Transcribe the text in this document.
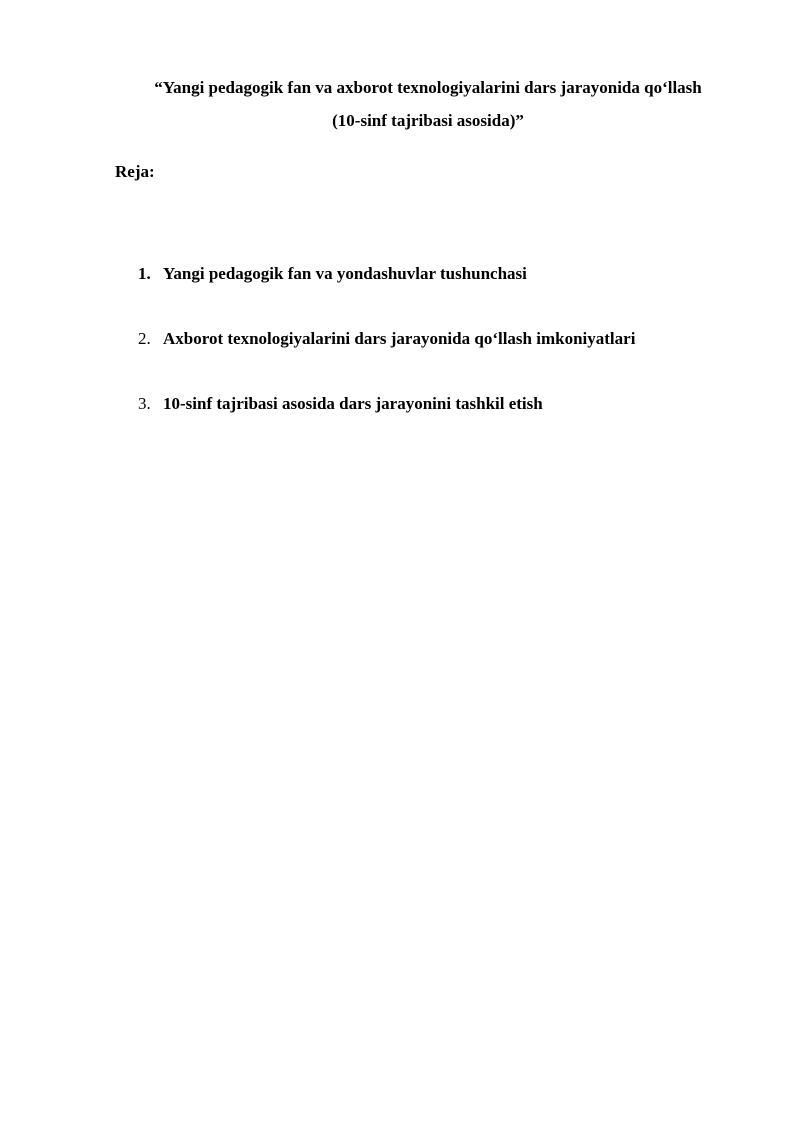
“Yangi pedagogik fan va axborot texnologiyalarini dars jarayonida qo‘llash
(10-sinf tajribasi asosida)”
Reja:
1. Yangi pedagogik fan va yondashuvlar tushunchasi
2. Axborot texnologiyalarini dars jarayonida qo‘llash imkoniyatlari
3. 10-sinf tajribasi asosida dars jarayonini tashkil etish
